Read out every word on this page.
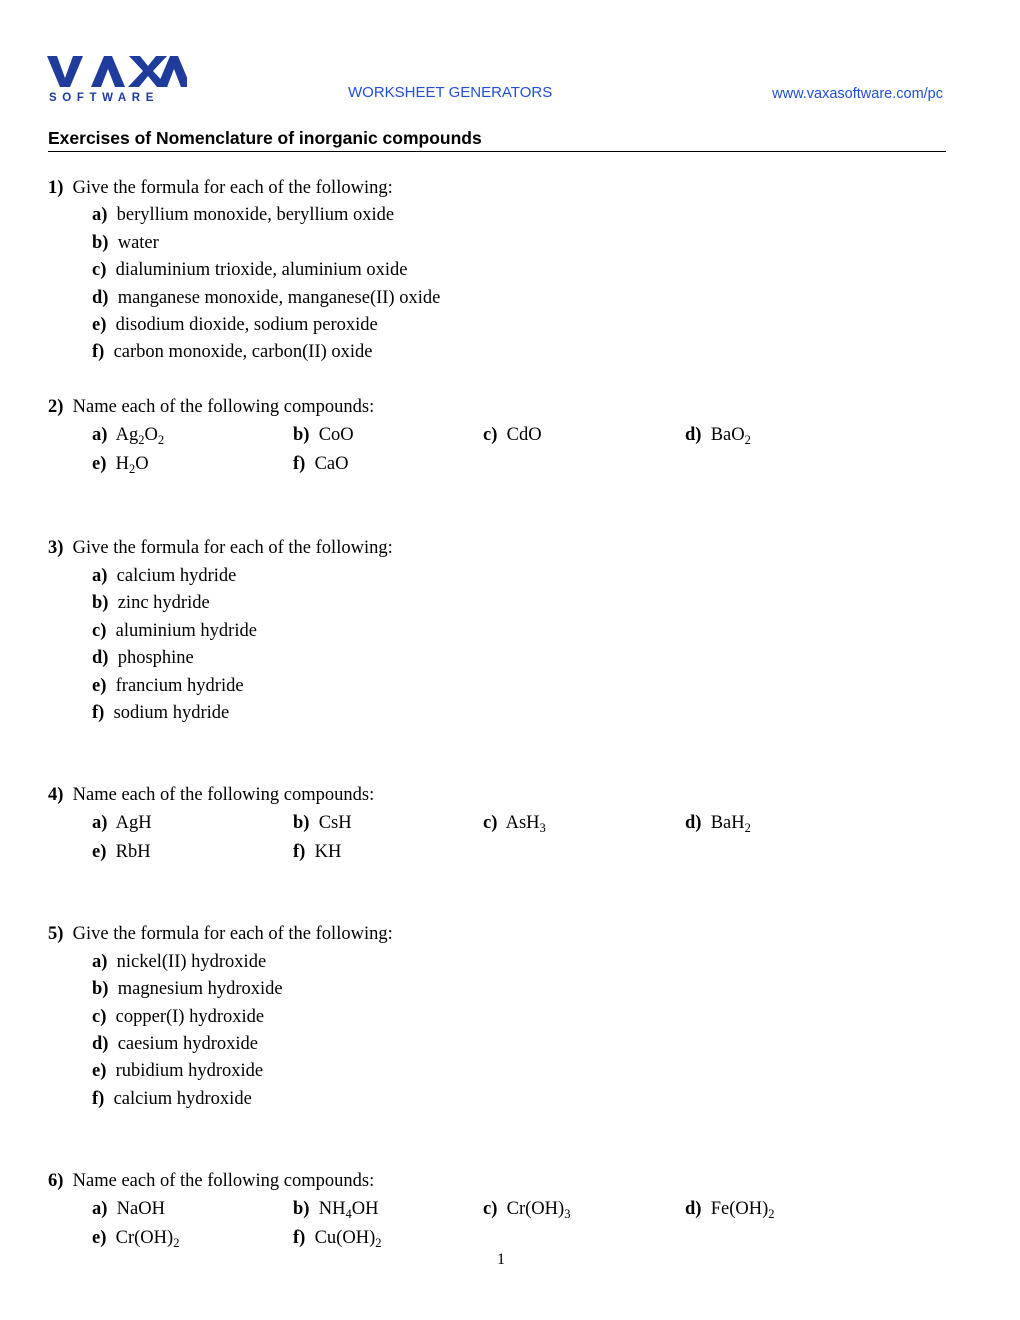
SOFTWARE	WORKSHEET GENERATORS	www.vaxasoftware.com/pc
Exercises of Nomenclature of inorganic compounds
1) Give the formula for each of the following:
a) beryllium monoxide, beryllium oxide
b) water
c) dialuminium trioxide, aluminium oxide
d) manganese monoxide, manganese(II) oxide
e) disodium dioxide, sodium peroxide
f) carbon monoxide, carbon(II) oxide
2) Name each of the following compounds:
a) $Ag_2O_2$	b) CoO	c) CdO	d) BaO$_2$
e) $H_2O$	f) CaO
3) Give the formula for each of the following:
a) calcium hydride
b) zinc hydride
c) aluminium hydride
d) phosphine
e) francium hydride
f) sodium hydride
4) Name each of the following compounds:
a) AgH	b) CsH	c) AsH$_3$	d) BaH$_2$
e) RbH	f) KH
5) Give the formula for each of the following:
a) nickel(II) hydroxide
b) magnesium hydroxide
c) copper(I) hydroxide
d) caesium hydroxide
e) rubidium hydroxide
f) calcium hydroxide
6) Name each of the following compounds:
a) NaOH	b) $NH_4OH$	c) $Cr(OH)_3$	d) $Fe(OH)_2$
e) $Cr(OH)_2$	f) $Cu(OH)_2$
1
